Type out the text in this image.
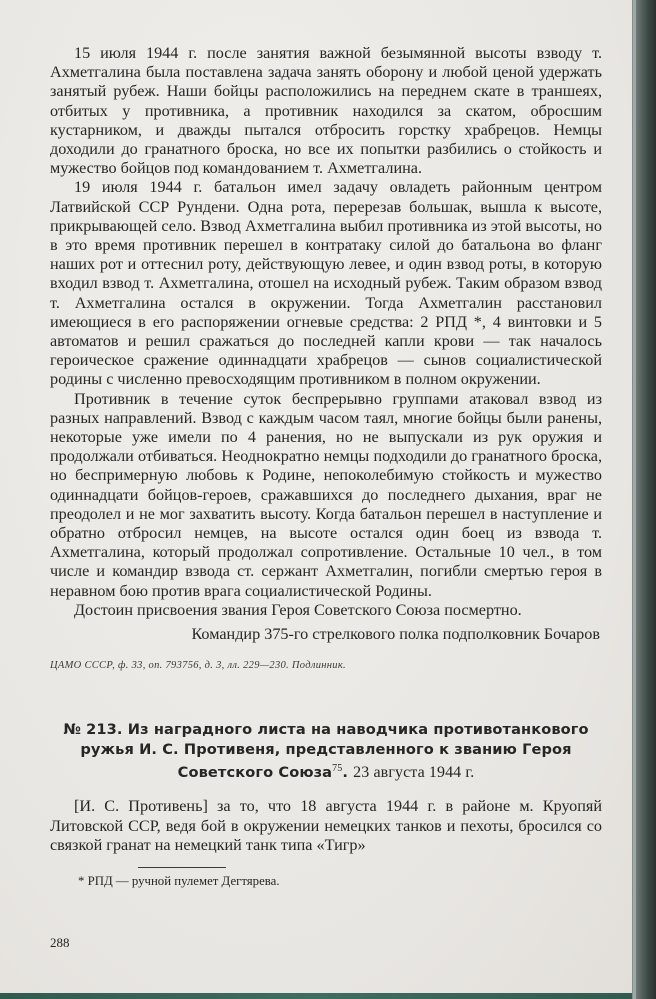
15 июля 1944 г. после занятия важной безымянной высоты взводу т. Ахметгалина была поставлена задача занять оборону и любой ценой удержать занятый рубеж. Наши бойцы расположились на переднем скате в траншеях, отбитых у противника, а противник находился за скатом, обросшим кустарником, и дважды пытался отбросить горстку храбрецов. Немцы доходили до гранатного броска, но все их попытки разбились о стойкость и мужество бойцов под командованием т. Ахметгалина.

19 июля 1944 г. батальон имел задачу овладеть районным центром Латвийской ССР Рундени. Одна рота, перерезав большак, вышла к высоте, прикрывающей село. Взвод Ахметгалина выбил противника из этой высоты, но в это время противник перешел в контратаку силой до батальона во фланг наших рот и оттеснил роту, действующую левее, и один взвод роты, в которую входил взвод т. Ахметгалина, отошел на исходный рубеж. Таким образом взвод т. Ахметгалина остался в окружении. Тогда Ахметгалин расстановил имеющиеся в его распоряжении огневые средства: 2 РПД *, 4 винтовки и 5 автоматов и решил сражаться до последней капли крови — так началось героическое сражение одиннадцати храбрецов — сынов социалистической родины с численно превосходящим противником в полном окружении.

Противник в течение суток беспрерывно группами атаковал взвод из разных направлений. Взвод с каждым часом таял, многие бойцы были ранены, некоторые уже имели по 4 ранения, но не выпускали из рук оружия и продолжали отбиваться. Неоднократно немцы подходили до гранатного броска, но беспримерную любовь к Родине, непоколебимую стойкость и мужество одиннадцати бойцов-героев, сражавшихся до последнего дыхания, враг не преодолел и не мог захватить высоту. Когда батальон перешел в наступление и обратно отбросил немцев, на высоте остался один боец из взвода т. Ахметгалина, который продолжал сопротивление. Остальные 10 чел., в том числе и командир взвода ст. сержант Ахметгалин, погибли смертью героя в неравном бою против врага социалистической Родины.

Достоин присвоения звания Героя Советского Союза посмертно.

Командир 375-го стрелкового полка подполковник Бочаров
ЦАМО СССР, ф. 33, оп. 793756, д. 3, лл. 229—230. Подлинник.
№ 213. Из наградного листа на наводчика противотанкового ружья И. С. Противеня, представленного к званию Героя Советского Союза$^{75}$. 23 августа 1944 г.

[И. С. Противень] за то, что 18 августа 1944 г. в районе м. Круопяй Литовской ССР, ведя бой в окружении немецких танков и пехоты, бросился со связкой гранат на немецкий танк типа «Тигр»

* РПД — ручной пулемет Дегтярева.
288
